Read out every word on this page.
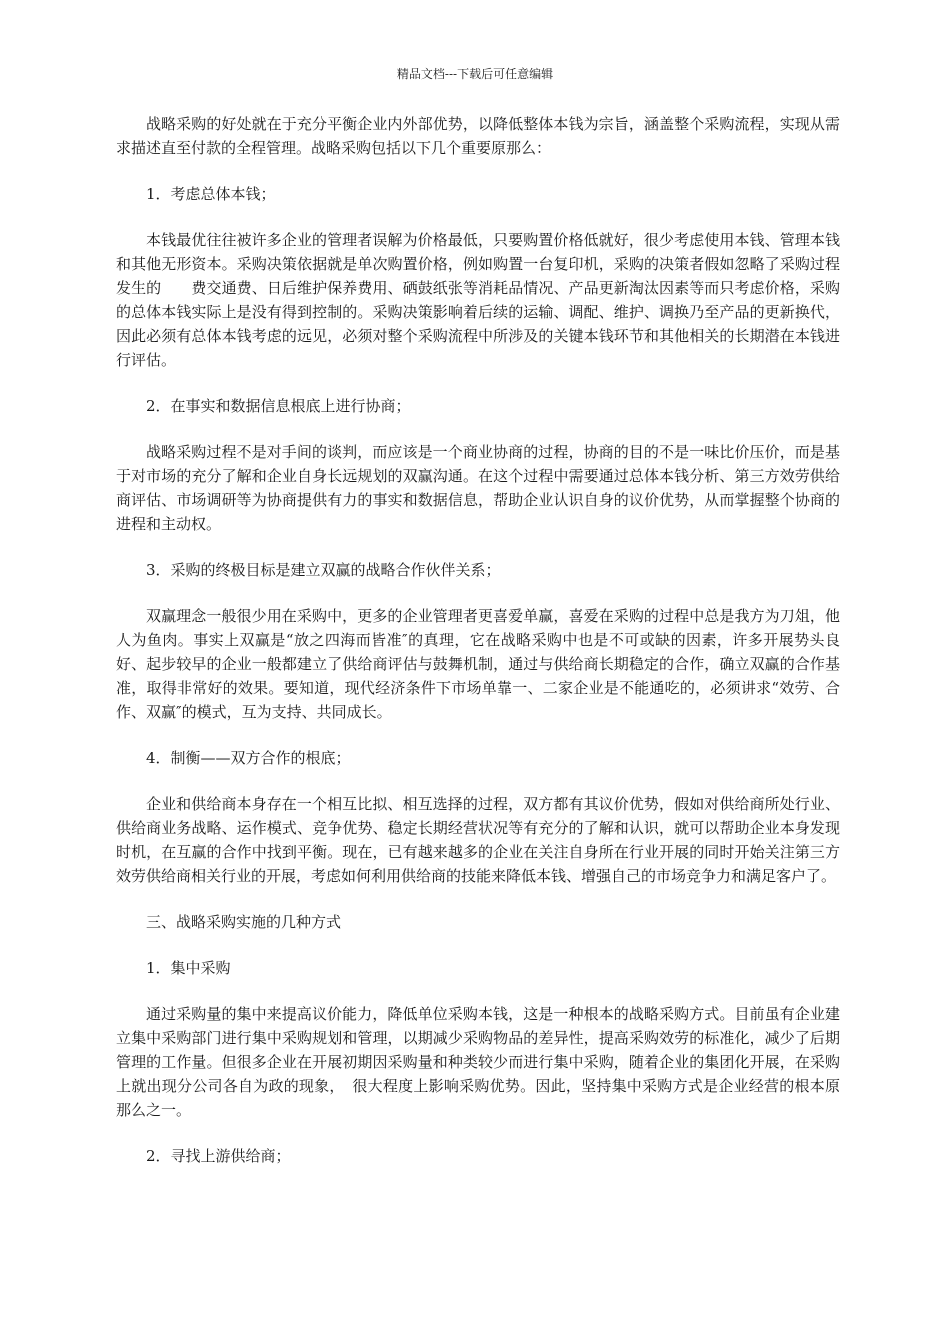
精品文档---下载后可任意编辑

战略采购的好处就在于充分平衡企业内外部优势，以降低整体本钱为宗旨，涵盖整个采购流程，实现从需求描述直至付款的全程管理。战略采购包括以下几个重要原那么：

1．考虑总体本钱；

本钱最优往往被许多企业的管理者误解为价格最低，只要购置价格低就好，很少考虑使用本钱、管理本钱和其他无形资本。采购决策依据就是单次购置价格，例如购置一台复印机，采购的决策者假如忽略了采购过程发生的　　费交通费、日后维护保养费用、硒鼓纸张等消耗品情况、产品更新淘汰因素等而只考虑价格，采购的总体本钱实际上是没有得到控制的。采购决策影响着后续的运输、调配、维护、调换乃至产品的更新换代，因此必须有总体本钱考虑的远见，必须对整个采购流程中所涉及的关键本钱环节和其他相关的长期潜在本钱进行评估。

2．在事实和数据信息根底上进行协商；

战略采购过程不是对手间的谈判，而应该是一个商业协商的过程，协商的目的不是一味比价压价，而是基于对市场的充分了解和企业自身长远规划的双赢沟通。在这个过程中需要通过总体本钱分析、第三方效劳供给商评估、市场调研等为协商提供有力的事实和数据信息，帮助企业认识自身的议价优势，从而掌握整个协商的进程和主动权。

3．采购的终极目标是建立双赢的战略合作伙伴关系；

双赢理念一般很少用在采购中，更多的企业管理者更喜爱单赢，喜爱在采购的过程中总是我方为刀俎，他人为鱼肉。事实上双赢是“放之四海而皆准″的真理，它在战略采购中也是不可或缺的因素，许多开展势头良好、起步较早的企业一般都建立了供给商评估与鼓舞机制，通过与供给商长期稳定的合作，确立双赢的合作基准，取得非常好的效果。要知道，现代经济条件下市场单靠一、二家企业是不能通吃的，必须讲求“效劳、合作、双赢″的模式，互为支持、共同成长。

4．制衡——双方合作的根底；

企业和供给商本身存在一个相互比拟、相互选择的过程，双方都有其议价优势，假如对供给商所处行业、供给商业务战略、运作模式、竞争优势、稳定长期经营状况等有充分的了解和认识，就可以帮助企业本身发现时机，在互赢的合作中找到平衡。现在，已有越来越多的企业在关注自身所在行业开展的同时开始关注第三方效劳供给商相关行业的开展，考虑如何利用供给商的技能来降低本钱、增强自己的市场竞争力和满足客户了。

三、战略采购实施的几种方式

1．集中采购

通过采购量的集中来提高议价能力，降低单位采购本钱，这是一种根本的战略采购方式。目前虽有企业建立集中采购部门进行集中采购规划和管理，以期减少采购物品的差异性，提高采购效劳的标准化，减少了后期管理的工作量。但很多企业在开展初期因采购量和种类较少而进行集中采购，随着企业的集团化开展，在采购上就出现分公司各自为政的现象，　很大程度上影响采购优势。因此，坚持集中采购方式是企业经营的根本原那么之一。

2．寻找上游供给商；
